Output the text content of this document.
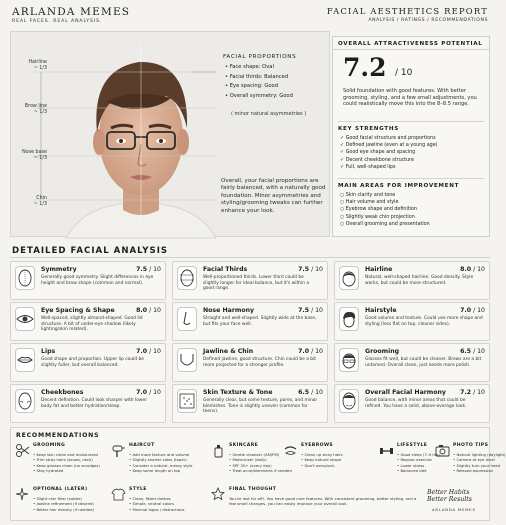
ARLANDA MEMES
REAL FACES. REAL ANALYSIS.
FACIAL AESTHETICS REPORT
ANALYSIS / RATINGS / RECOMMENDATIONS
Hairline
~ 1/3
Brow line
~ 1/3
Nose base
~ 1/3
Chin
~ 1/3
FACIAL PROPORTIONS
• Face shape: Oval
• Facial thirds: Balanced
• Eye spacing: Good
• Overall symmetry: Good
( minor natural asymmetries )
Overall, your facial proportions are fairly balanced, with a naturally good foundation. Minor asymmetries and styling/grooming tweaks can further enhance your look.
OVERALL ATTRACTIVENESS POTENTIAL
7.2 / 10
Solid foundation with good features. With better grooming, styling, and a few small adjustments, you could realistically move this into the 8–8.5 range.
KEY STRENGTHS
✓ Good facial structure and proportions
✓ Defined jawline (even at a young age)
✓ Good eye shape and spacing
✓ Decent cheekbone structure
✓ Full, well-shaped lips
MAIN AREAS FOR IMPROVEMENT
○ Skin clarity and tone
○ Hair volume and style
○ Eyebrow shape and definition
○ Slightly weak chin projection
○ Overall grooming and presentation
DETAILED FACIAL ANALYSIS
Symmetry	7.5 / 10
Generally good symmetry. Slight differences in eye height and brow shape (common and normal).
Facial Thirds	7.5 / 10
Well-proportioned thirds. Lower third could be slightly longer for ideal balance, but it's within a good range.
Hairline	8.0 / 10
Natural, well-shaped hairline. Good density. Style works, but could be more structured.
Eye Spacing & Shape	8.0 / 10
Well-spaced, slightly almond-shaped. Good lid structure. A bit of under-eye shadow (likely lighting/skin related).
Nose Harmony	7.5 / 10
Straight and well-shaped. Slightly wide at the base, but fits your face well.
Hairstyle	7.0 / 10
Good volume and texture. Could use more shape and styling (less flat on top, cleaner sides).
Lips	7.0 / 10
Good shape and proportion. Upper lip could be slightly fuller, but overall balanced.
Jawline & Chin	7.0 / 10
Defined jawline, good structure. Chin could be a bit more projected for a stronger profile.
Grooming	6.5 / 10
Glasses fit well, but could be cleaner. Brows are a bit untamed. Overall clean, just needs more polish.
Cheekbones	7.0 / 10
Decent definition. Could look sharper with lower body fat and better hydration/sleep.
Skin Texture & Tone	6.5 / 10
Generally clear, but some texture, pores, and minor blemishes. Tone is slightly uneven (common for teens).
Overall Facial Harmony 7.2 / 10
Good balance, with minor areas that could be refined. You have a solid, above-average look.
RECOMMENDATIONS
GROOMING
• Keep skin clean and moisturized
• Trim stray hairs (brows, neck)
• Keep glasses clean (no smudges)
• Stay hydrated
HAIRCUT
• Add more texture and volume
• Slightly shorter sides (taper)
• Consider a natural, messy style
• Keep some length on top
SKINCARE
• Gentle cleanser (AM/PM)
• Moisturizer (daily)
• SPF 30+ (every day)
• Treat acne/blemishes if needed
EYEBROWS
• Clean up stray hairs
• Keep natural shape
• Don't overpluck
LIFESTYLE
• Good sleep (7–9 hrs)
• Regular exercise
• Lower stress
• Balanced diet
PHOTO TIPS
• Natural lighting (daylight)
• Camera at eye level
• Slightly turn your head
• Relaxed expression
OPTIONAL (LATER)
• Slight chin filler (subtle)
• Jawline refinement (if desired)
• Better hair density (if needed)
STYLE
• Clean, fitted clothes
• Simple, neutral colors
• Minimal logos / distractions
FINAL THOUGHT
You've lost for off!. You have good core features. With consistent grooming, better styling, and a few small changes, you can easily improve your overall look.
Better Habits
Better Results
ARLANDA MEMES
